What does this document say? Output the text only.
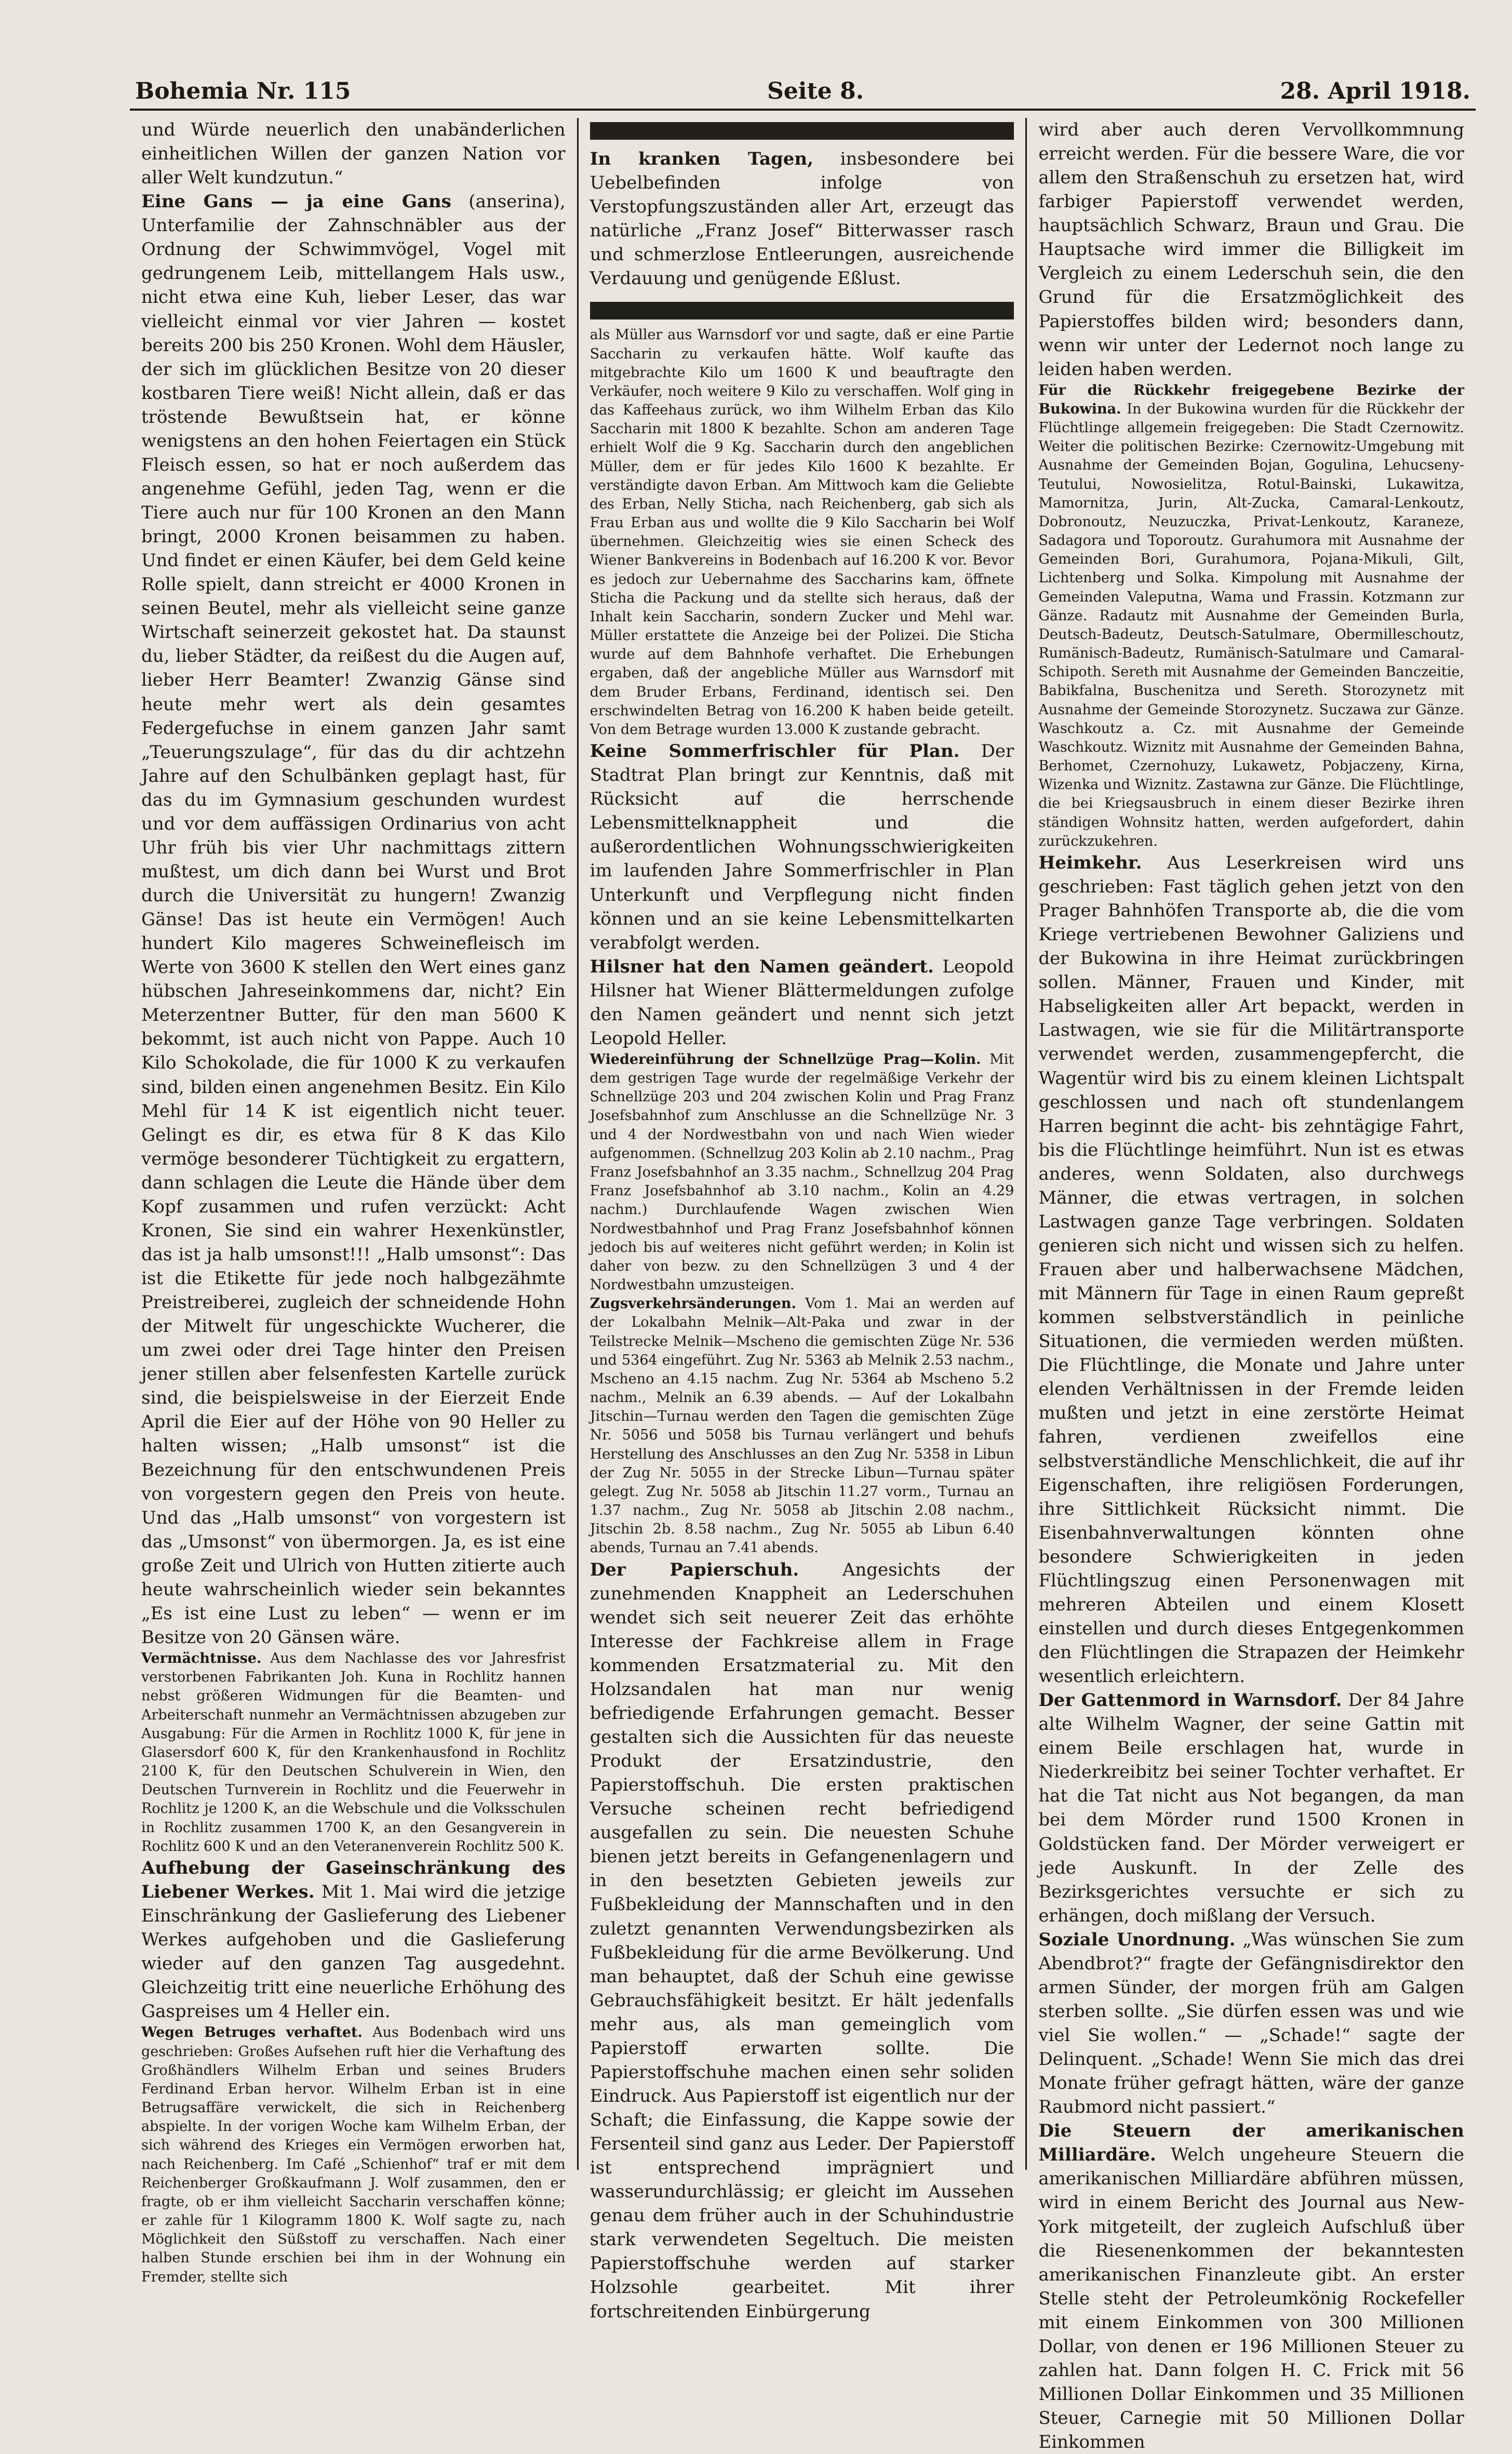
Bohemia Nr. 115	Seite 8.	28. April 1918.

und Würde neuerlich den unabänderlichen einheitlichen Willen der ganzen Nation vor aller Welt kundzutun.“

Eine Gans — ja eine Gans (anserina), Unterfamilie der Zahnschnäbler aus der Ordnung der Schwimmvögel, Vogel mit gedrungenem Leib, mittellangem Hals usw., nicht etwa eine Kuh, lieber Leser, das war vielleicht einmal vor vier Jahren — kostet bereits 200 bis 250 Kronen. Wohl dem Häusler, der sich im glücklichen Besitze von 20 dieser kostbaren Tiere weiß! Nicht allein, daß er das tröstende Bewußtsein hat, er könne wenigstens an den hohen Feiertagen ein Stück Fleisch essen, so hat er noch außerdem das angenehme Gefühl, jeden Tag, wenn er die Tiere auch nur für 100 Kronen an den Mann bringt, 2000 Kronen beisammen zu haben. Und findet er einen Käufer, bei dem Geld keine Rolle spielt, dann streicht er 4000 Kronen in seinen Beutel, mehr als vielleicht seine ganze Wirtschaft seinerzeit gekostet hat. Da staunst du, lieber Städter, da reißest du die Augen auf, lieber Herr Beamter! Zwanzig Gänse sind heute mehr wert als dein gesamtes Federgefuchse in einem ganzen Jahr samt „Teuerungszulage“, für das du dir achtzehn Jahre auf den Schulbänken geplagt hast, für das du im Gymnasium geschunden wurdest und vor dem auffässigen Ordinarius von acht Uhr früh bis vier Uhr nachmittags zittern mußtest, um dich dann bei Wurst und Brot durch die Universität zu hungern! Zwanzig Gänse! Das ist heute ein Vermögen! Auch hundert Kilo mageres Schweinefleisch im Werte von 3600 K stellen den Wert eines ganz hübschen Jahreseinkommens dar, nicht? Ein Meterzentner Butter, für den man 5600 K bekommt, ist auch nicht von Pappe. Auch 10 Kilo Schokolade, die für 1000 K zu verkaufen sind, bilden einen angenehmen Besitz. Ein Kilo Mehl für 14 K ist eigentlich nicht teuer. Gelingt es dir, es etwa für 8 K das Kilo vermöge besonderer Tüchtigkeit zu ergattern, dann schlagen die Leute die Hände über dem Kopf zusammen und rufen verzückt: Acht Kronen, Sie sind ein wahrer Hexenkünstler, das ist ja halb umsonst!!! „Halb umsonst“: Das ist die Etikette für jede noch halbgezähmte Preistreiberei, zugleich der schneidende Hohn der Mitwelt für ungeschickte Wucherer, die um zwei oder drei Tage hinter den Preisen jener stillen aber felsenfesten Kartelle zurück sind, die beispielsweise in der Eierzeit Ende April die Eier auf der Höhe von 90 Heller zu halten wissen; „Halb umsonst“ ist die Bezeichnung für den entschwundenen Preis von vorgestern gegen den Preis von heute. Und das „Halb umsonst“ von vorgestern ist das „Umsonst“ von übermorgen. Ja, es ist eine große Zeit und Ulrich von Hutten zitierte auch heute wahrscheinlich wieder sein bekanntes „Es ist eine Lust zu leben“ — wenn er im Besitze von 20 Gänsen wäre.

Vermächtnisse. Aus dem Nachlasse des vor Jahresfrist verstorbenen Fabrikanten Joh. Kuna in Rochlitz hannen nebst größeren Widmungen für die Beamten- und Arbeiterschaft nunmehr an Vermächtnissen abzugeben zur Ausgabung: Für die Armen in Rochlitz 1000 K, für jene in Glasersdorf 600 K, für den Krankenhausfond in Rochlitz 2100 K, für den Deutschen Schulverein in Wien, den Deutschen Turnverein in Rochlitz und die Feuerwehr in Rochlitz je 1200 K, an die Webschule und die Volksschulen in Rochlitz zusammen 1700 K, an den Gesangverein in Rochlitz 600 K und an den Veteranenverein Rochlitz 500 K.

Aufhebung der Gaseinschränkung des Liebener Werkes. Mit 1. Mai wird die jetzige Einschränkung der Gaslieferung des Liebener Werkes aufgehoben und die Gaslieferung wieder auf den ganzen Tag ausgedehnt. Gleichzeitig tritt eine neuerliche Erhöhung des Gaspreises um 4 Heller ein.

Wegen Betruges verhaftet. Aus Bodenbach wird uns geschrieben: Großes Aufsehen ruft hier die Verhaftung des Großhändlers Wilhelm Erban und seines Bruders Ferdinand Erban hervor. Wilhelm Erban ist in eine Betrugsaffäre verwickelt, die sich in Reichenberg abspielte. In der vorigen Woche kam Wilhelm Erban, der sich während des Krieges ein Vermögen erworben hat, nach Reichenberg. Im Café „Schienhof“ traf er mit dem Reichenberger Großkaufmann J. Wolf zusammen, den er fragte, ob er ihm vielleicht Saccharin verschaffen könne; er zahle für 1 Kilogramm 1800 K. Wolf sagte zu, nach Möglichkeit den Süßstoff zu verschaffen. Nach einer halben Stunde erschien bei ihm in der Wohnung ein Fremder, stellte sich

In kranken Tagen, insbesondere bei Uebelbefinden infolge von Verstopfungszuständen aller Art, erzeugt das natürliche „Franz Josef“ Bitterwasser rasch und schmerzlose Entleerungen, ausreichende Verdauung und genügende Eßlust.

als Müller aus Warnsdorf vor und sagte, daß er eine Partie Saccharin zu verkaufen hätte. Wolf kaufte das mitgebrachte Kilo um 1600 K und beauftragte den Verkäufer, noch weitere 9 Kilo zu verschaffen. Wolf ging in das Kaffeehaus zurück, wo ihm Wilhelm Erban das Kilo Saccharin mit 1800 K bezahlte. Schon am anderen Tage erhielt Wolf die 9 Kg. Saccharin durch den angeblichen Müller, dem er für jedes Kilo 1600 K bezahlte. Er verständigte davon Erban. Am Mittwoch kam die Geliebte des Erban, Nelly Sticha, nach Reichenberg, gab sich als Frau Erban aus und wollte die 9 Kilo Saccharin bei Wolf übernehmen. Gleichzeitig wies sie einen Scheck des Wiener Bankvereins in Bodenbach auf 16.200 K vor. Bevor es jedoch zur Uebernahme des Saccharins kam, öffnete Sticha die Packung und da stellte sich heraus, daß der Inhalt kein Saccharin, sondern Zucker und Mehl war. Müller erstattete die Anzeige bei der Polizei. Die Sticha wurde auf dem Bahnhofe verhaftet. Die Erhebungen ergaben, daß der angebliche Müller aus Warnsdorf mit dem Bruder Erbans, Ferdinand, identisch sei. Den erschwindelten Betrag von 16.200 K haben beide geteilt. Von dem Betrage wurden 13.000 K zustande gebracht.

Keine Sommerfrischler für Plan. Der Stadtrat Plan bringt zur Kenntnis, daß mit Rücksicht auf die herrschende Lebensmittelknappheit und die außerordentlichen Wohnungsschwierigkeiten im laufenden Jahre Sommerfrischler in Plan Unterkunft und Verpflegung nicht finden können und an sie keine Lebensmittelkarten verabfolgt werden.

Hilsner hat den Namen geändert. Leopold Hilsner hat Wiener Blättermeldungen zufolge den Namen geändert und nennt sich jetzt Leopold Heller.

Wiedereinführung der Schnellzüge Prag—Kolin. Mit dem gestrigen Tage wurde der regelmäßige Verkehr der Schnellzüge 203 und 204 zwischen Kolin und Prag Franz Josefsbahnhof zum Anschlusse an die Schnellzüge Nr. 3 und 4 der Nordwestbahn von und nach Wien wieder aufgenommen. (Schnellzug 203 Kolin ab 2.10 nachm., Prag Franz Josefsbahnhof an 3.35 nachm., Schnellzug 204 Prag Franz Josefsbahnhof ab 3.10 nachm., Kolin an 4.29 nachm.) Durchlaufende Wagen zwischen Wien Nordwestbahnhof und Prag Franz Josefsbahnhof können jedoch bis auf weiteres nicht geführt werden; in Kolin ist daher von bezw. zu den Schnellzügen 3 und 4 der Nordwestbahn umzusteigen.

Zugsverkehrsänderungen. Vom 1. Mai an werden auf der Lokalbahn Melnik—Alt-Paka und zwar in der Teilstrecke Melnik—Mscheno die gemischten Züge Nr. 536 und 5364 eingeführt. Zug Nr. 5363 ab Melnik 2.53 nachm., Mscheno an 4.15 nachm. Zug Nr. 5364 ab Mscheno 5.2 nachm., Melnik an 6.39 abends. — Auf der Lokalbahn Jitschin—Turnau werden den Tagen die gemischten Züge Nr. 5056 und 5058 bis Turnau verlängert und behufs Herstellung des Anschlusses an den Zug Nr. 5358 in Libun der Zug Nr. 5055 in der Strecke Libun—Turnau später gelegt. Zug Nr. 5058 ab Jitschin 11.27 vorm., Turnau an 1.37 nachm., Zug Nr. 5058 ab Jitschin 2.08 nachm., Jitschin 2b. 8.58 nachm., Zug Nr. 5055 ab Libun 6.40 abends, Turnau an 7.41 abends.

Der Papierschuh. Angesichts der zunehmenden Knappheit an Lederschuhen wendet sich seit neuerer Zeit das erhöhte Interesse der Fachkreise allem in Frage kommenden Ersatzmaterial zu. Mit den Holzsandalen hat man nur wenig befriedigende Erfahrungen gemacht. Besser gestalten sich die Aussichten für das neueste Produkt der Ersatzindustrie, den Papierstoffschuh. Die ersten praktischen Versuche scheinen recht befriedigend ausgefallen zu sein. Die neuesten Schuhe bienen jetzt bereits in Gefangenenlagern und in den besetzten Gebieten jeweils zur Fußbekleidung der Mannschaften und in den zuletzt genannten Verwendungsbezirken als Fußbekleidung für die arme Bevölkerung. Und man behauptet, daß der Schuh eine gewisse Gebrauchsfähigkeit besitzt. Er hält jedenfalls mehr aus, als man gemeinglich vom Papierstoff erwarten sollte. Die Papierstoffschuhe machen einen sehr soliden Eindruck. Aus Papierstoff ist eigentlich nur der Schaft; die Einfassung, die Kappe sowie der Fersenteil sind ganz aus Leder. Der Papierstoff ist entsprechend imprägniert und wasserundurchlässig; er gleicht im Aussehen genau dem früher auch in der Schuhindustrie stark verwendeten Segeltuch. Die meisten Papierstoffschuhe werden auf starker Holzsohle gearbeitet. Mit ihrer fortschreitenden Einbürgerung

wird aber auch deren Vervollkommnung erreicht werden. Für die bessere Ware, die vor allem den Straßenschuh zu ersetzen hat, wird farbiger Papierstoff verwendet werden, hauptsächlich Schwarz, Braun und Grau. Die Hauptsache wird immer die Billigkeit im Vergleich zu einem Lederschuh sein, die den Grund für die Ersatzmöglichkeit des Papierstoffes bilden wird; besonders dann, wenn wir unter der Ledernot noch lange zu leiden haben werden.

Für die Rückkehr freigegebene Bezirke der Bukowina. In der Bukowina wurden für die Rückkehr der Flüchtlinge allgemein freigegeben: Die Stadt Czernowitz. Weiter die politischen Bezirke: Czernowitz-Umgebung mit Ausnahme der Gemeinden Bojan, Gogulina, Lehucseny-Teutului, Nowosielitza, Rotul-Bainski, Lukawitza, Mamornitza, Jurin, Alt-Zucka, Camaral-Lenkoutz, Dobronoutz, Neuzuczka, Privat-Lenkoutz, Karaneze, Sadagora und Toporoutz. Gurahumora mit Ausnahme der Gemeinden Bori, Gurahumora, Pojana-Mikuli, Gilt, Lichtenberg und Solka. Kimpolung mit Ausnahme der Gemeinden Valeputna, Wama und Frassin. Kotzmann zur Gänze. Radautz mit Ausnahme der Gemeinden Burla, Deutsch-Badeutz, Deutsch-Satulmare, Obermilleschoutz, Rumänisch-Badeutz, Rumänisch-Satulmare und Camaral-Schipoth. Sereth mit Ausnahme der Gemeinden Banczeitie, Babikfalna, Buschenitza und Sereth. Storozynetz mit Ausnahme der Gemeinde Storozynetz. Suczawa zur Gänze. Waschkoutz a. Cz. mit Ausnahme der Gemeinde Waschkoutz. Wiznitz mit Ausnahme der Gemeinden Bahna, Berhomet, Czernohuzy, Lukawetz, Pobjaczeny, Kirna, Wizenka und Wiznitz. Zastawna zur Gänze. Die Flüchtlinge, die bei Kriegsausbruch in einem dieser Bezirke ihren ständigen Wohnsitz hatten, werden aufgefordert, dahin zurückzukehren.

Heimkehr. Aus Leserkreisen wird uns geschrieben: Fast täglich gehen jetzt von den Prager Bahnhöfen Transporte ab, die die vom Kriege vertriebenen Bewohner Galiziens und der Bukowina in ihre Heimat zurückbringen sollen. Männer, Frauen und Kinder, mit Habseligkeiten aller Art bepackt, werden in Lastwagen, wie sie für die Militärtransporte verwendet werden, zusammengepfercht, die Wagentür wird bis zu einem kleinen Lichtspalt geschlossen und nach oft stundenlangem Harren beginnt die acht- bis zehntägige Fahrt, bis die Flüchtlinge heimführt. Nun ist es etwas anderes, wenn Soldaten, also durchwegs Männer, die etwas vertragen, in solchen Lastwagen ganze Tage verbringen. Soldaten genieren sich nicht und wissen sich zu helfen. Frauen aber und halberwachsene Mädchen, mit Männern für Tage in einen Raum gepreßt kommen selbstverständlich in peinliche Situationen, die vermieden werden müßten. Die Flüchtlinge, die Monate und Jahre unter elenden Verhältnissen in der Fremde leiden mußten und jetzt in eine zerstörte Heimat fahren, verdienen zweifellos eine selbstverständliche Menschlichkeit, die auf ihr Eigenschaften, ihre religiösen Forderungen, ihre Sittlichkeit Rücksicht nimmt. Die Eisenbahnverwaltungen könnten ohne besondere Schwierigkeiten in jeden Flüchtlingszug einen Personenwagen mit mehreren Abteilen und einem Klosett einstellen und durch dieses Entgegenkommen den Flüchtlingen die Strapazen der Heimkehr wesentlich erleichtern.

Der Gattenmord in Warnsdorf. Der 84 Jahre alte Wilhelm Wagner, der seine Gattin mit einem Beile erschlagen hat, wurde in Niederkreibitz bei seiner Tochter verhaftet. Er hat die Tat nicht aus Not begangen, da man bei dem Mörder rund 1500 Kronen in Goldstücken fand. Der Mörder verweigert er jede Auskunft. In der Zelle des Bezirksgerichtes versuchte er sich zu erhängen, doch mißlang der Versuch.

Soziale Unordnung. „Was wünschen Sie zum Abendbrot?“ fragte der Gefängnisdirektor den armen Sünder, der morgen früh am Galgen sterben sollte. „Sie dürfen essen was und wie viel Sie wollen.“ — „Schade!“ sagte der Delinquent. „Schade! Wenn Sie mich das drei Monate früher gefragt hätten, wäre der ganze Raubmord nicht passiert.“

Die Steuern der amerikanischen Milliardäre. Welch ungeheure Steuern die amerikanischen Milliardäre abführen müssen, wird in einem Bericht des Journal aus New-York mitgeteilt, der zugleich Aufschluß über die Riesenenkommen der bekanntesten amerikanischen Finanzleute gibt. An erster Stelle steht der Petroleumkönig Rockefeller mit einem Einkommen von 300 Millionen Dollar, von denen er 196 Millionen Steuer zu zahlen hat. Dann folgen H. C. Frick mit 56 Millionen Dollar Einkommen und 35 Millionen Steuer, Carnegie mit 50 Millionen Dollar Einkommen
